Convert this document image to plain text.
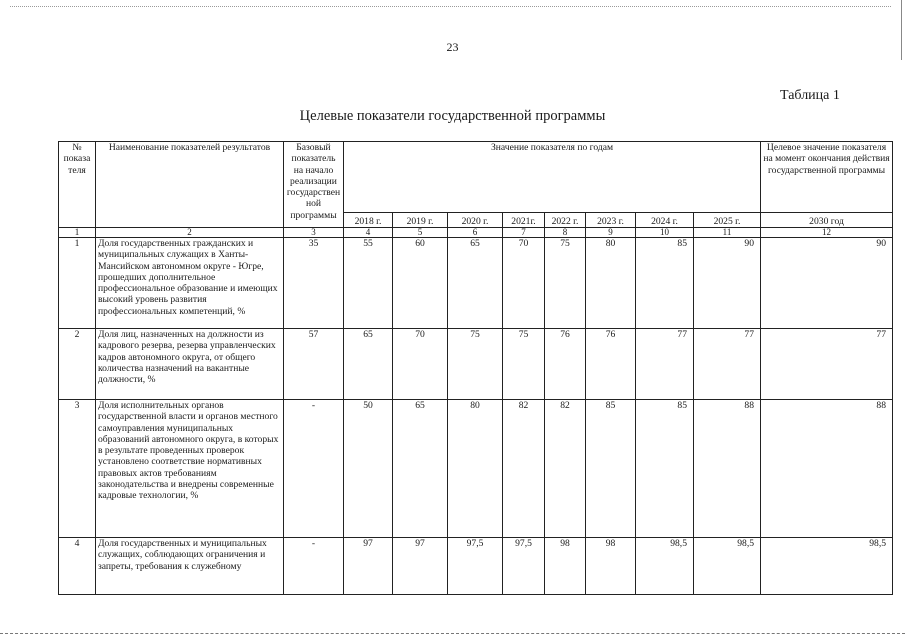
23
Таблица 1
Целевые показатели государственной программы
№ показа теля	Наименование показателей результатов	Базовый показатель на начало реализации государствен ной программы	Значение показателя по годам								Целевое значение показателя на момент окончания действия государственной программы
			2018 г.	2019 г.	2020 г.	2021г.	2022 г.	2023 г.	2024 г.	2025 г.	2030 год
1	2	3	4	5	6	7	8	9	10	11	12
1	Доля государственных гражданских и муниципальных служащих в Ханты-Мансийском автономном округе - Югре, прошедших дополнительное профессиональное образование и имеющих высокий уровень развития профессиональных компетенций, %	35	55	60	65	70	75	80	85	90	90
2	Доля лиц, назначенных на должности из кадрового резерва, резерва управленческих кадров автономного округа, от общего количества назначений на вакантные должности, %	57	65	70	75	75	76	76	77	77	77
3	Доля исполнительных органов государственной власти и органов местного самоуправления муниципальных образований автономного округа, в которых в результате проведенных проверок установлено соответствие нормативных правовых актов требованиям законодательства и внедрены современные кадровые технологии, %	-	50	65	80	82	82	85	85	88	88
4	Доля государственных и муниципальных служащих, соблюдающих ограничения и запреты, требования к служебному	-	97	97	97,5	97,5	98	98	98,5	98,5	98,5
